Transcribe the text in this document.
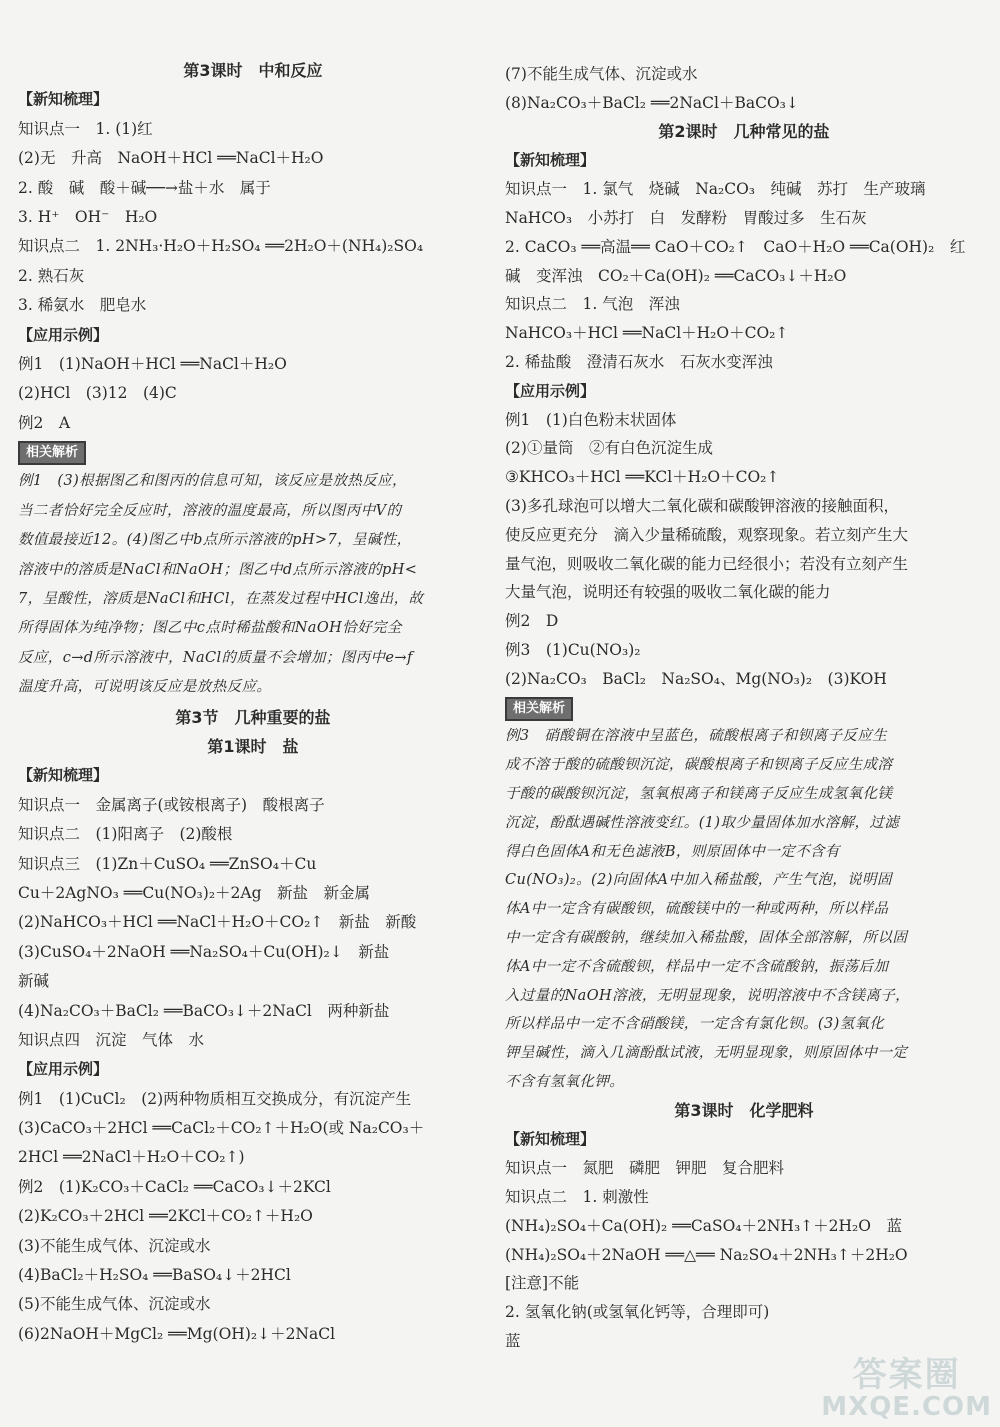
第3课时　中和反应
【新知梳理】
知识点一　1. (1)红
(2)无　升高　NaOH＋HCl ══NaCl＋H₂O
2. 酸　碱　酸＋碱──→盐＋水　属于
3. H⁺　OH⁻　H₂O
知识点二　1. 2NH₃·H₂O＋H₂SO₄ ══2H₂O＋(NH₄)₂SO₄
2. 熟石灰
3. 稀氨水　肥皂水
【应用示例】
例1　(1)NaOH＋HCl ══NaCl＋H₂O
(2)HCl　(3)12　(4)C
例2　A
相关解析
例1　(3)根据图乙和图丙的信息可知，该反应是放热反应，
当二者恰好完全反应时，溶液的温度最高，所以图丙中V的
数值最接近12。(4)图乙中b点所示溶液的pH>7，呈碱性，
溶液中的溶质是NaCl和NaOH；图乙中d点所示溶液的pH<
7，呈酸性，溶质是NaCl和HCl，在蒸发过程中HCl逸出，故
所得固体为纯净物；图乙中c点时稀盐酸和NaOH恰好完全
反应，c→d所示溶液中，NaCl的质量不会增加；图丙中e→f
温度升高，可说明该反应是放热反应。
第3节　几种重要的盐
第1课时　盐
【新知梳理】
知识点一　金属离子(或铵根离子)　酸根离子
知识点二　(1)阳离子　(2)酸根
知识点三　(1)Zn＋CuSO₄ ══ZnSO₄＋Cu
Cu＋2AgNO₃ ══Cu(NO₃)₂＋2Ag　新盐　新金属
(2)NaHCO₃＋HCl ══NaCl＋H₂O＋CO₂↑　新盐　新酸
(3)CuSO₄＋2NaOH ══Na₂SO₄＋Cu(OH)₂↓　新盐
新碱
(4)Na₂CO₃＋BaCl₂ ══BaCO₃↓＋2NaCl　两种新盐
知识点四　沉淀　气体　水
【应用示例】
例1　(1)CuCl₂　(2)两种物质相互交换成分，有沉淀产生
(3)CaCO₃＋2HCl ══CaCl₂＋CO₂↑＋H₂O(或 Na₂CO₃＋
2HCl ══2NaCl＋H₂O＋CO₂↑)
例2　(1)K₂CO₃＋CaCl₂ ══CaCO₃↓＋2KCl
(2)K₂CO₃＋2HCl ══2KCl＋CO₂↑＋H₂O
(3)不能生成气体、沉淀或水
(4)BaCl₂＋H₂SO₄ ══BaSO₄↓＋2HCl
(5)不能生成气体、沉淀或水
(6)2NaOH＋MgCl₂ ══Mg(OH)₂↓＋2NaCl
(7)不能生成气体、沉淀或水
(8)Na₂CO₃＋BaCl₂ ══2NaCl＋BaCO₃↓
第2课时　几种常见的盐
【新知梳理】
知识点一　1. 氯气　烧碱　Na₂CO₃　纯碱　苏打　生产玻璃
NaHCO₃　小苏打　白　发酵粉　胃酸过多　生石灰
2. CaCO₃ ══高温══ CaO＋CO₂↑　CaO＋H₂O ══Ca(OH)₂　红
碱　变浑浊　CO₂＋Ca(OH)₂ ══CaCO₃↓＋H₂O
知识点二　1. 气泡　浑浊
NaHCO₃＋HCl ══NaCl＋H₂O＋CO₂↑
2. 稀盐酸　澄清石灰水　石灰水变浑浊
【应用示例】
例1　(1)白色粉末状固体
(2)①量筒　②有白色沉淀生成
③KHCO₃＋HCl ══KCl＋H₂O＋CO₂↑
(3)多孔球泡可以增大二氧化碳和碳酸钾溶液的接触面积，
使反应更充分　滴入少量稀硫酸，观察现象。若立刻产生大
量气泡，则吸收二氧化碳的能力已经很小；若没有立刻产生
大量气泡，说明还有较强的吸收二氧化碳的能力
例2　D
例3　(1)Cu(NO₃)₂
(2)Na₂CO₃　BaCl₂　Na₂SO₄、Mg(NO₃)₂　(3)KOH
相关解析
例3　硝酸铜在溶液中呈蓝色，硫酸根离子和钡离子反应生
成不溶于酸的硫酸钡沉淀，碳酸根离子和钡离子反应生成溶
于酸的碳酸钡沉淀，氢氧根离子和镁离子反应生成氢氧化镁
沉淀，酚酞遇碱性溶液变红。(1)取少量固体加水溶解，过滤
得白色固体A和无色滤液B，则原固体中一定不含有
Cu(NO₃)₂。(2)向固体A中加入稀盐酸，产生气泡，说明固
体A中一定含有碳酸钡，硫酸镁中的一种或两种，所以样品
中一定含有碳酸钠，继续加入稀盐酸，固体全部溶解，所以固
体A中一定不含硫酸钡，样品中一定不含硫酸钠，振荡后加
入过量的NaOH溶液，无明显现象，说明溶液中不含镁离子，
所以样品中一定不含硝酸镁，一定含有氯化钡。(3)氢氧化
钾呈碱性，滴入几滴酚酞试液，无明显现象，则原固体中一定
不含有氢氧化钾。
第3课时　化学肥料
【新知梳理】
知识点一　氮肥　磷肥　钾肥　复合肥料
知识点二　1. 刺激性
(NH₄)₂SO₄＋Ca(OH)₂ ══CaSO₄＋2NH₃↑＋2H₂O　蓝
(NH₄)₂SO₄＋2NaOH ══△══ Na₂SO₄＋2NH₃↑＋2H₂O
[注意]不能
2. 氢氧化钠(或氢氧化钙等，合理即可)
蓝
答案圈
MXQE.COM
